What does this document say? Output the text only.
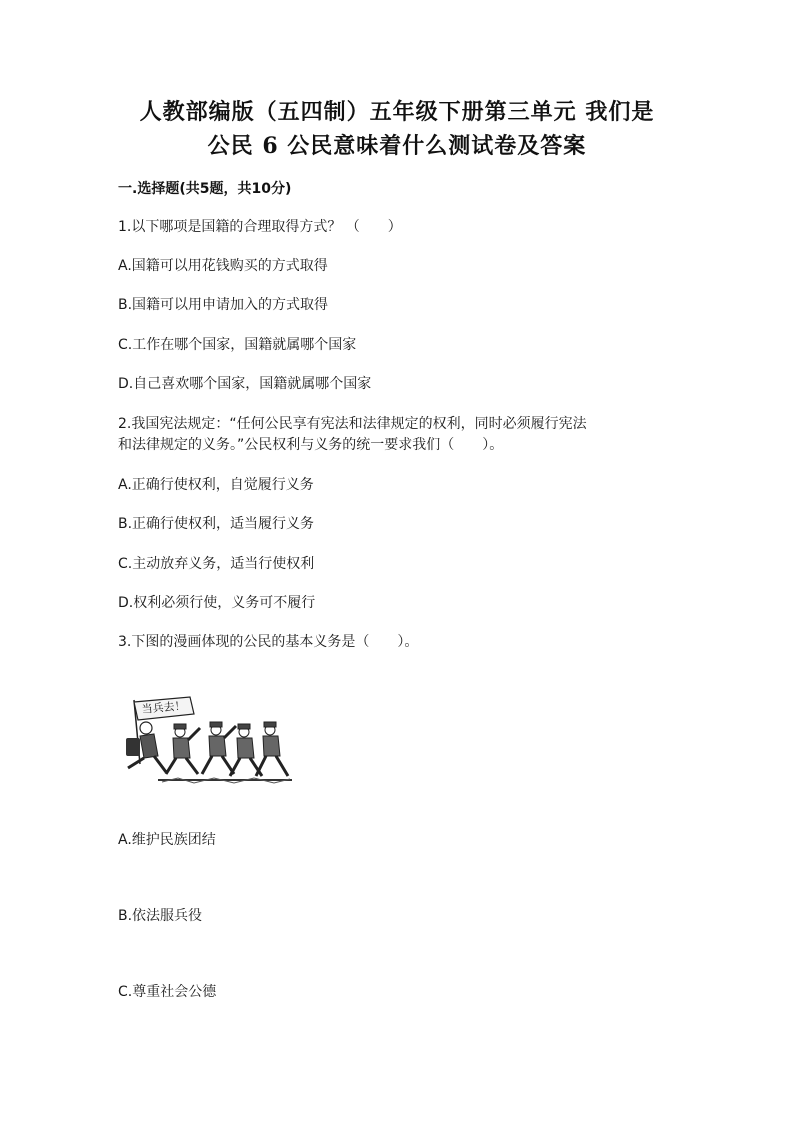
人教部编版（五四制）五年级下册第三单元 我们是
公民 6 公民意味着什么测试卷及答案
一.选择题(共5题，共10分)
1.以下哪项是国籍的合理取得方式？ （　　）
A.国籍可以用花钱购买的方式取得
B.国籍可以用申请加入的方式取得
C.工作在哪个国家，国籍就属哪个国家
D.自己喜欢哪个国家，国籍就属哪个国家
2.我国宪法规定：“任何公民享有宪法和法律规定的权利，同时必须履行宪法
和法律规定的义务。”公民权利与义务的统一要求我们（　　）。
A.正确行使权利，自觉履行义务
B.正确行使权利，适当履行义务
C.主动放弃义务，适当行使权利
D.权利必须行使，义务可不履行
3.下图的漫画体现的公民的基本义务是（　　）。
当兵去！
A.维护民族团结
B.依法服兵役
C.尊重社会公德
